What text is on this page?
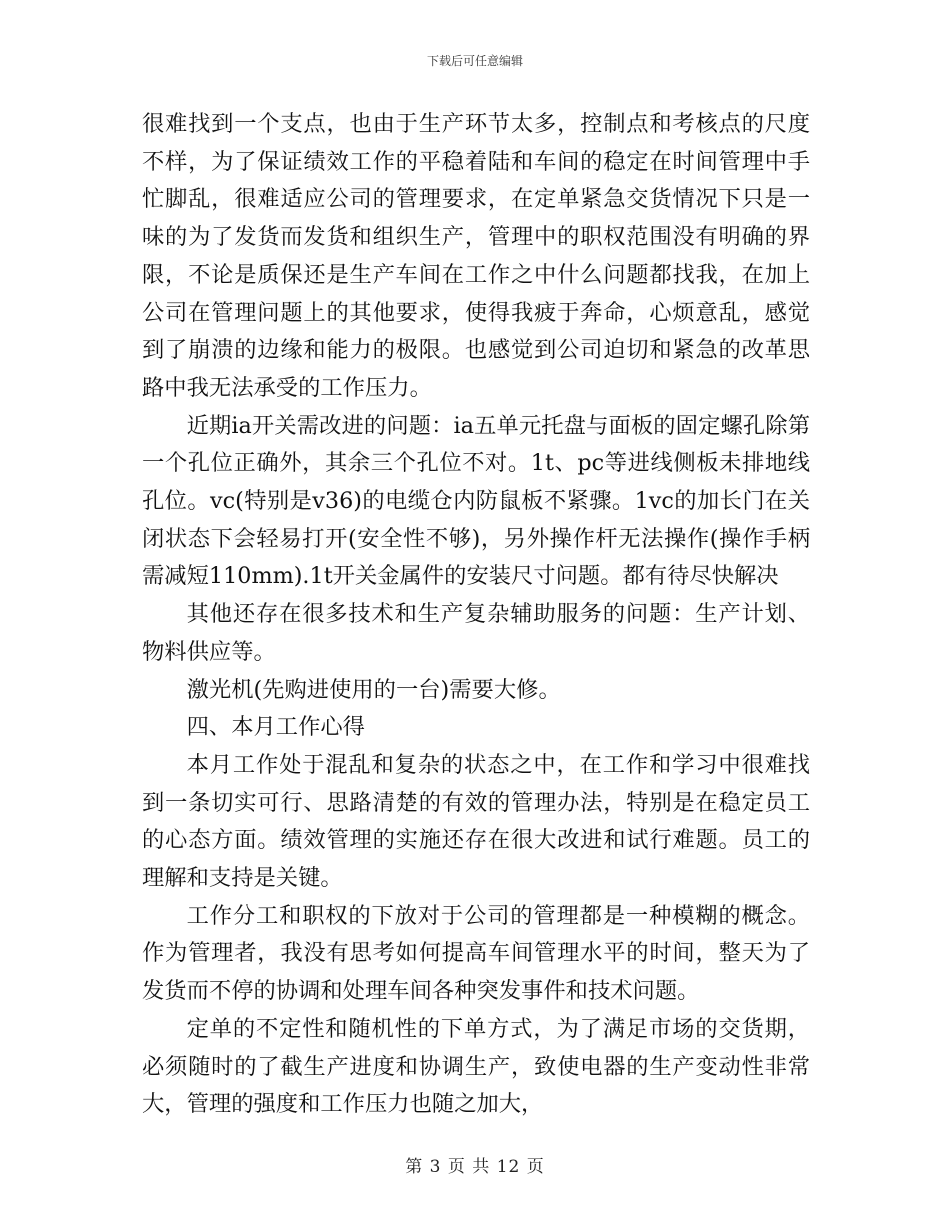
下载后可任意编辑

很难找到一个支点，也由于生产环节太多，控制点和考核点的尺度不样，为了保证绩效工作的平稳着陆和车间的稳定在时间管理中手忙脚乱，很难适应公司的管理要求，在定单紧急交货情况下只是一味的为了发货而发货和组织生产，管理中的职权范围没有明确的界限，不论是质保还是生产车间在工作之中什么问题都找我，在加上公司在管理问题上的其他要求，使得我疲于奔命，心烦意乱，感觉到了崩溃的边缘和能力的极限。也感觉到公司迫切和紧急的改革思路中我无法承受的工作压力。

近期ia开关需改进的问题：ia五单元托盘与面板的固定螺孔除第一个孔位正确外，其余三个孔位不对。1t、pc等进线侧板未排地线孔位。vc(特别是v36)的电缆仓内防鼠板不紧骤。1vc的加长门在关闭状态下会轻易打开(安全性不够)，另外操作杆无法操作(操作手柄需减短110mm).1t开关金属件的安装尺寸问题。都有待尽快解决

其他还存在很多技术和生产复杂辅助服务的问题：生产计划、物料供应等。

激光机(先购进使用的一台)需要大修。

四、本月工作心得

本月工作处于混乱和复杂的状态之中，在工作和学习中很难找到一条切实可行、思路清楚的有效的管理办法，特别是在稳定员工的心态方面。绩效管理的实施还存在很大改进和试行难题。员工的理解和支持是关键。

工作分工和职权的下放对于公司的管理都是一种模糊的概念。作为管理者，我没有思考如何提高车间管理水平的时间，整天为了发货而不停的协调和处理车间各种突发事件和技术问题。

定单的不定性和随机性的下单方式，为了满足市场的交货期，必须随时的了截生产进度和协调生产，致使电器的生产变动性非常大，管理的强度和工作压力也随之加大，

第 3 页 共 12 页
